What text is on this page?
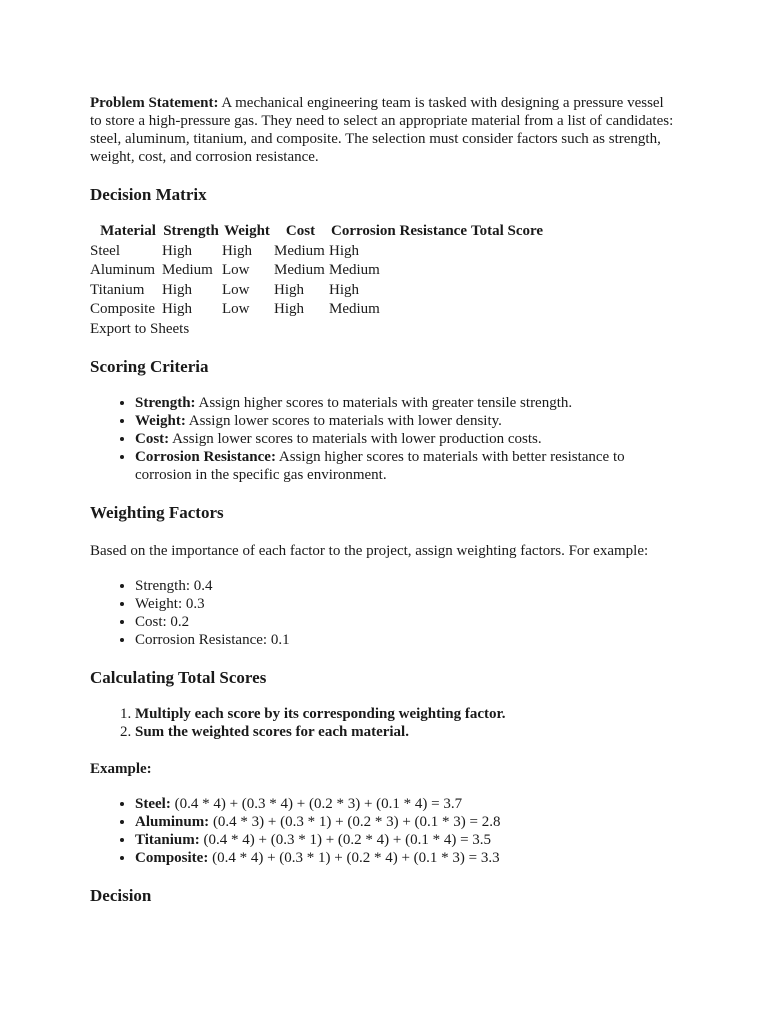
Problem Statement: A mechanical engineering team is tasked with designing a pressure vessel to store a high-pressure gas. They need to select an appropriate material from a list of candidates: steel, aluminum, titanium, and composite. The selection must consider factors such as strength, weight, cost, and corrosion resistance.

Decision Matrix
Material	Strength	Weight	Cost	Corrosion Resistance	Total Score
Steel	High	High	Medium	High	
Aluminum	Medium	Low	Medium	Medium	
Titanium	High	Low	High	High	
Composite	High	Low	High	Medium	

Export to Sheets

Scoring Criteria
• Strength: Assign higher scores to materials with greater tensile strength.
• Weight: Assign lower scores to materials with lower density.
• Cost: Assign lower scores to materials with lower production costs.
• Corrosion Resistance: Assign higher scores to materials with better resistance to corrosion in the specific gas environment.
Weighting Factors

Based on the importance of each factor to the project, assign weighting factors. For example:

• Strength: 0.4
• Weight: 0.3
• Cost: 0.2
• Corrosion Resistance: 0.1
Calculating Total Scores
1. Multiply each score by its corresponding weighting factor.
2. Sum the weighted scores for each material.

Example:

• Steel: (0.4 * 4) + (0.3 * 4) + (0.2 * 3) + (0.1 * 4) = 3.7
• Aluminum: (0.4 * 3) + (0.3 * 1) + (0.2 * 3) + (0.1 * 3) = 2.8
• Titanium: (0.4 * 4) + (0.3 * 1) + (0.2 * 4) + (0.1 * 4) = 3.5
• Composite: (0.4 * 4) + (0.3 * 1) + (0.2 * 4) + (0.1 * 3) = 3.3
Decision
